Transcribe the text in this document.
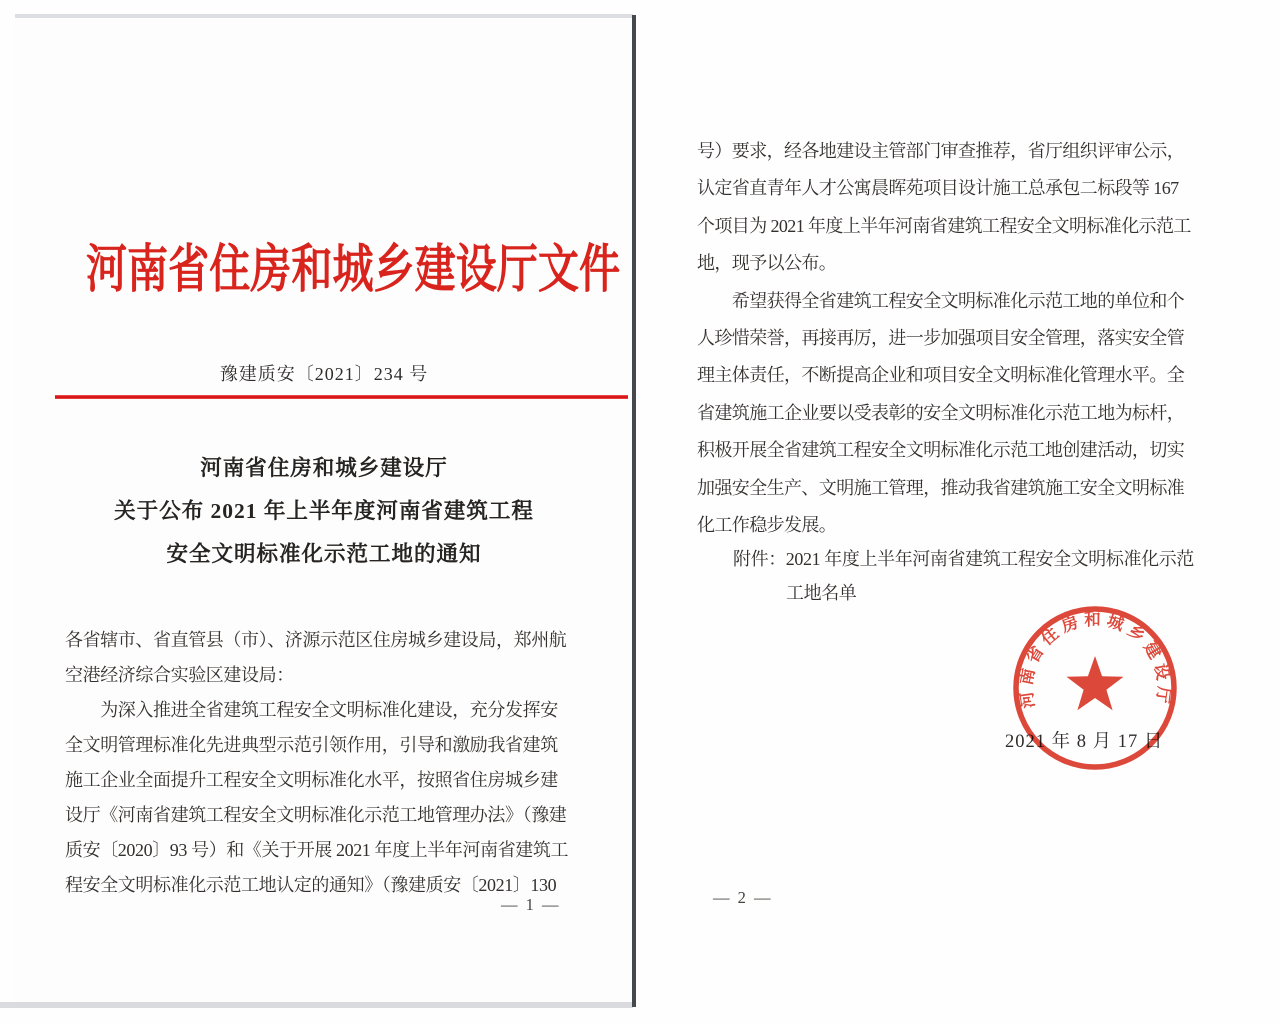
河南省住房和城乡建设厅文件
豫建质安〔2021〕234 号
河南省住房和城乡建设厅
关于公布 2021 年上半年度河南省建筑工程
安全文明标准化示范工地的通知
各省辖市、省直管县（市）、济源示范区住房城乡建设局，郑州航
空港经济综合实验区建设局：
　　为深入推进全省建筑工程安全文明标准化建设，充分发挥安
全文明管理标准化先进典型示范引领作用，引导和激励我省建筑
施工企业全面提升工程安全文明标准化水平，按照省住房城乡建
设厅《河南省建筑工程安全文明标准化示范工地管理办法》（豫建
质安〔2020〕93 号）和《关于开展 2021 年度上半年河南省建筑工
程安全文明标准化示范工地认定的通知》（豫建质安〔2021〕130
— 1 —
号）要求，经各地建设主管部门审查推荐，省厅组织评审公示，
认定省直青年人才公寓晨晖苑项目设计施工总承包二标段等 167
个项目为 2021 年度上半年河南省建筑工程安全文明标准化示范工
地，现予以公布。
　　希望获得全省建筑工程安全文明标准化示范工地的单位和个
人珍惜荣誉，再接再厉，进一步加强项目安全管理，落实安全管
理主体责任，不断提高企业和项目安全文明标准化管理水平。全
省建筑施工企业要以受表彰的安全文明标准化示范工地为标杆，
积极开展全省建筑工程安全文明标准化示范工地创建活动，切实
加强安全生产、文明施工管理，推动我省建筑施工安全文明标准
化工作稳步发展。
附件：2021 年度上半年河南省建筑工程安全文明标准化示范
工地名单
2021 年 8 月 17 日
河南省住房和城乡建设厅
— 2 —
